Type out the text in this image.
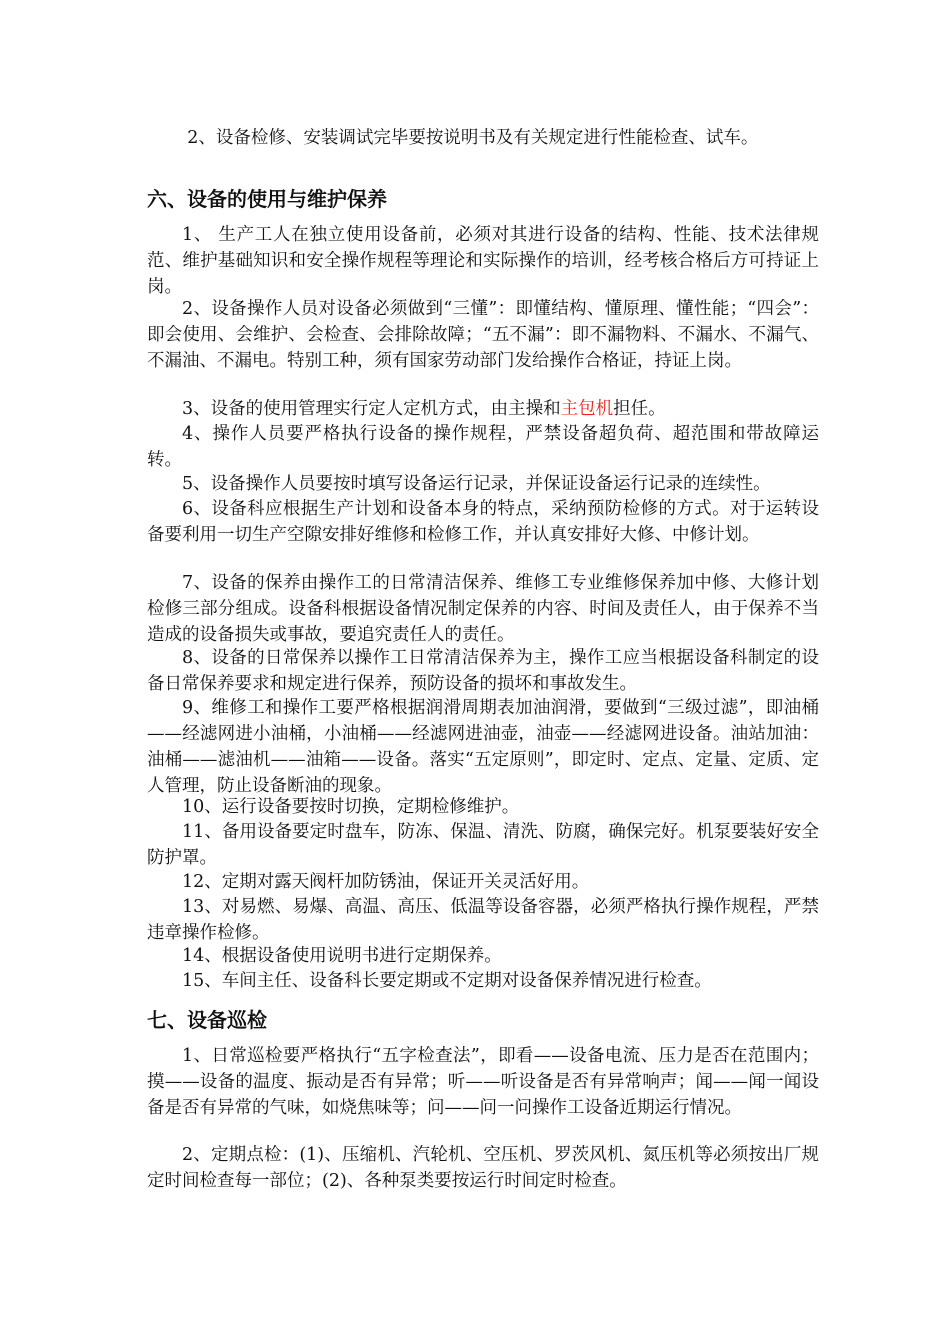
2、设备检修、安装调试完毕要按说明书及有关规定进行性能检查、试车。

六、设备的使用与维护保养

1、 生产工人在独立使用设备前，必须对其进行设备的结构、性能、技术法律规范、维护基础知识和安全操作规程等理论和实际操作的培训，经考核合格后方可持证上岗。

2、设备操作人员对设备必须做到“三懂”：即懂结构、懂原理、懂性能；“四会”：即会使用、会维护、会检查、会排除故障；“五不漏”：即不漏物料、不漏水、不漏气、不漏油、不漏电。特别工种，须有国家劳动部门发给操作合格证，持证上岗。

3、设备的使用管理实行定人定机方式，由主操和主包机担任。

4、操作人员要严格执行设备的操作规程，严禁设备超负荷、超范围和带故障运转。

5、设备操作人员要按时填写设备运行记录，并保证设备运行记录的连续性。

6、设备科应根据生产计划和设备本身的特点，采纳预防检修的方式。对于运转设备要利用一切生产空隙安排好维修和检修工作，并认真安排好大修、中修计划。

7、设备的保养由操作工的日常清洁保养、维修工专业维修保养加中修、大修计划检修三部分组成。设备科根据设备情况制定保养的内容、时间及责任人，由于保养不当造成的设备损失或事故，要追究责任人的责任。

8、设备的日常保养以操作工日常清洁保养为主，操作工应当根据设备科制定的设备日常保养要求和规定进行保养，预防设备的损坏和事故发生。

9、维修工和操作工要严格根据润滑周期表加油润滑，要做到“三级过滤”，即油桶——经滤网进小油桶，小油桶——经滤网进油壶，油壶——经滤网进设备。油站加油：油桶——滤油机——油箱——设备。落实“五定原则”，即定时、定点、定量、定质、定人管理，防止设备断油的现象。

10、运行设备要按时切换，定期检修维护。

11、备用设备要定时盘车，防冻、保温、清洗、防腐，确保完好。机泵要装好安全防护罩。

12、定期对露天阀杆加防锈油，保证开关灵活好用。

13、对易燃、易爆、高温、高压、低温等设备容器，必须严格执行操作规程，严禁违章操作检修。

14、根据设备使用说明书进行定期保养。

15、车间主任、设备科长要定期或不定期对设备保养情况进行检查。

七、设备巡检

1、日常巡检要严格执行“五字检查法”，即看——设备电流、压力是否在范围内；摸——设备的温度、振动是否有异常；听——听设备是否有异常响声；闻——闻一闻设备是否有异常的气味，如烧焦味等；问——问一问操作工设备近期运行情况。

2、定期点检：(1)、压缩机、汽轮机、空压机、罗茨风机、氮压机等必须按出厂规定时间检查每一部位；(2)、各种泵类要按运行时间定时检查。
